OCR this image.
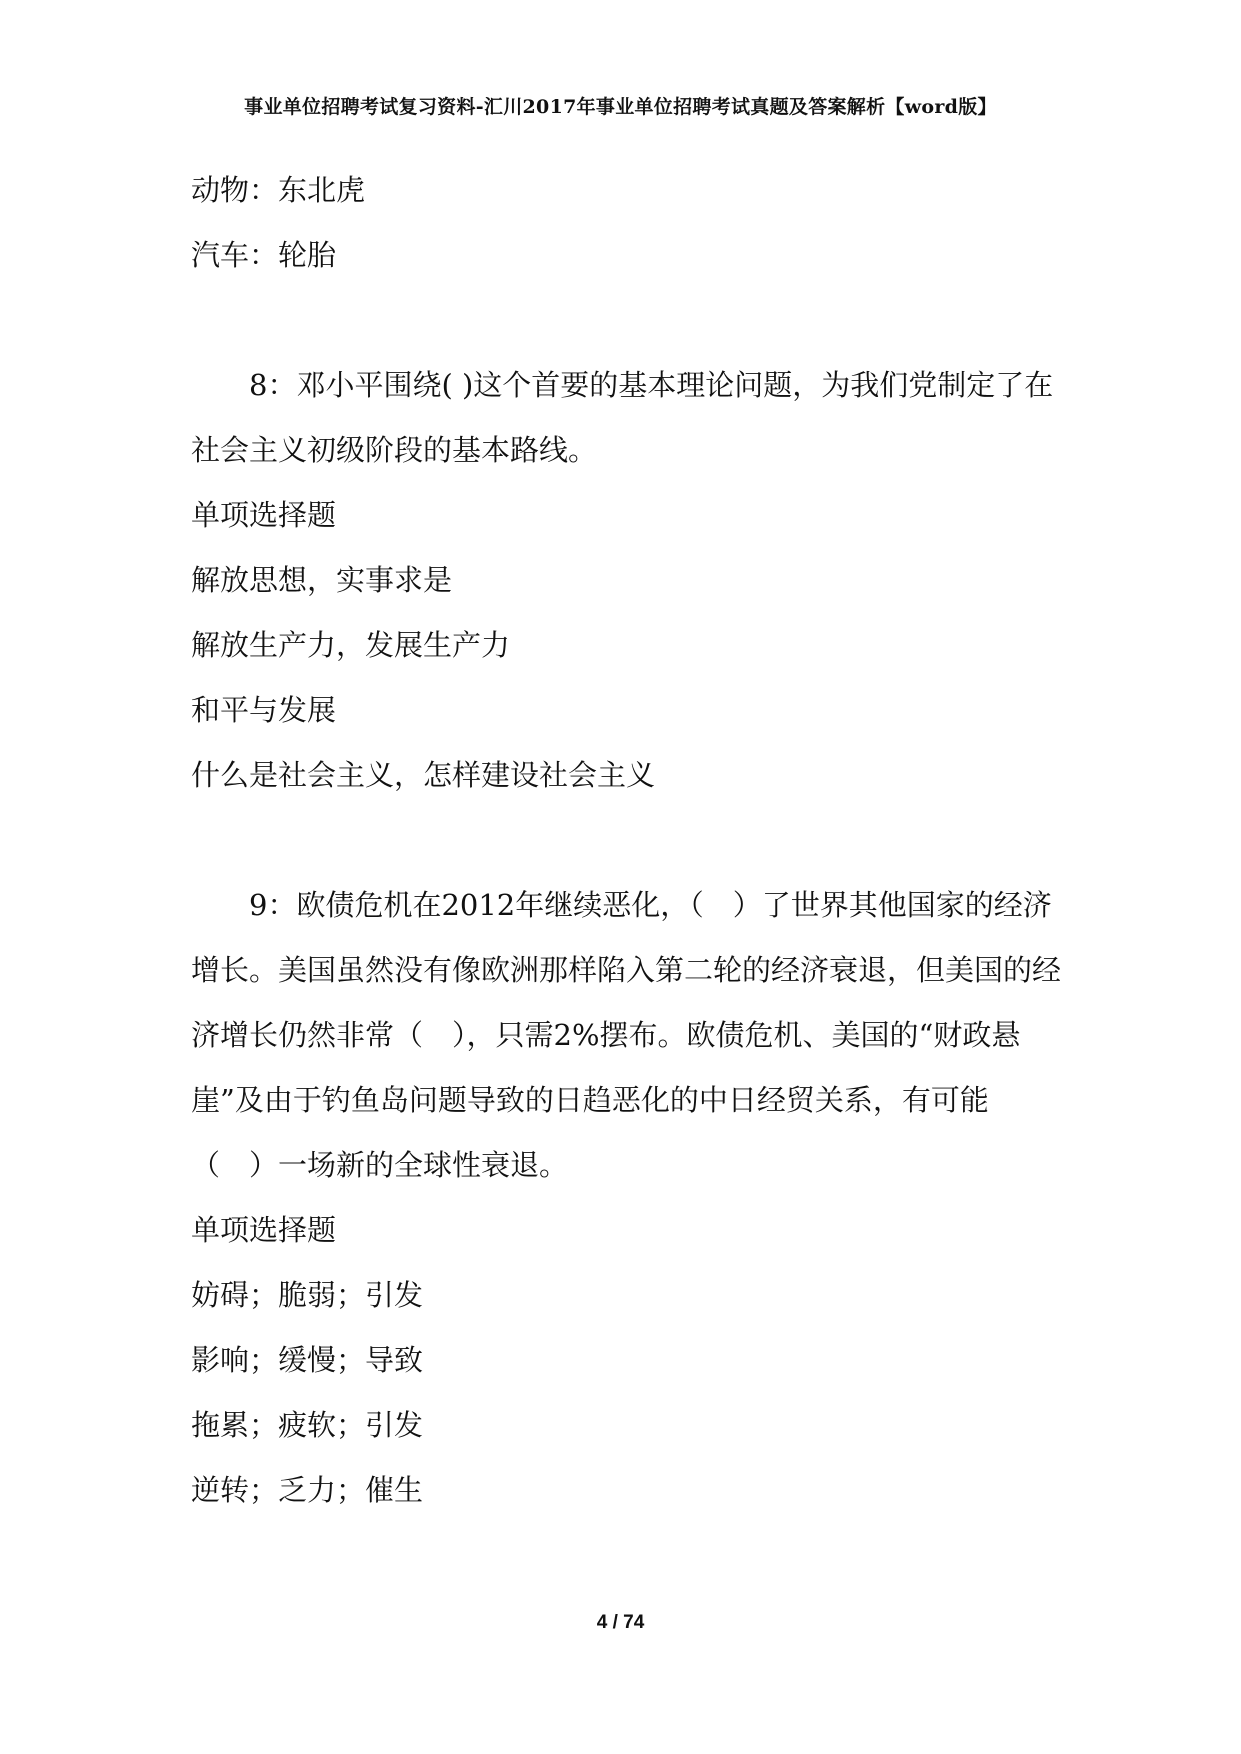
事业单位招聘考试复习资料-汇川2017年事业单位招聘考试真题及答案解析【word版】
动物：东北虎
汽车：轮胎

8：邓小平围绕( )这个首要的基本理论问题，为我们党制定了在社会主义初级阶段的基本路线。

单项选择题
解放思想，实事求是
解放生产力，发展生产力
和平与发展
什么是社会主义，怎样建设社会主义

9：欧债危机在2012年继续恶化，（　）了世界其他国家的经济增长。美国虽然没有像欧洲那样陷入第二轮的经济衰退，但美国的经济增长仍然非常（　），只需2%摆布。欧债危机、美国的“财政悬崖”及由于钓鱼岛问题导致的日趋恶化的中日经贸关系，有可能（　）一场新的全球性衰退。

单项选择题
妨碍；脆弱；引发
影响；缓慢；导致
拖累；疲软；引发
逆转；乏力；催生
4 / 74
